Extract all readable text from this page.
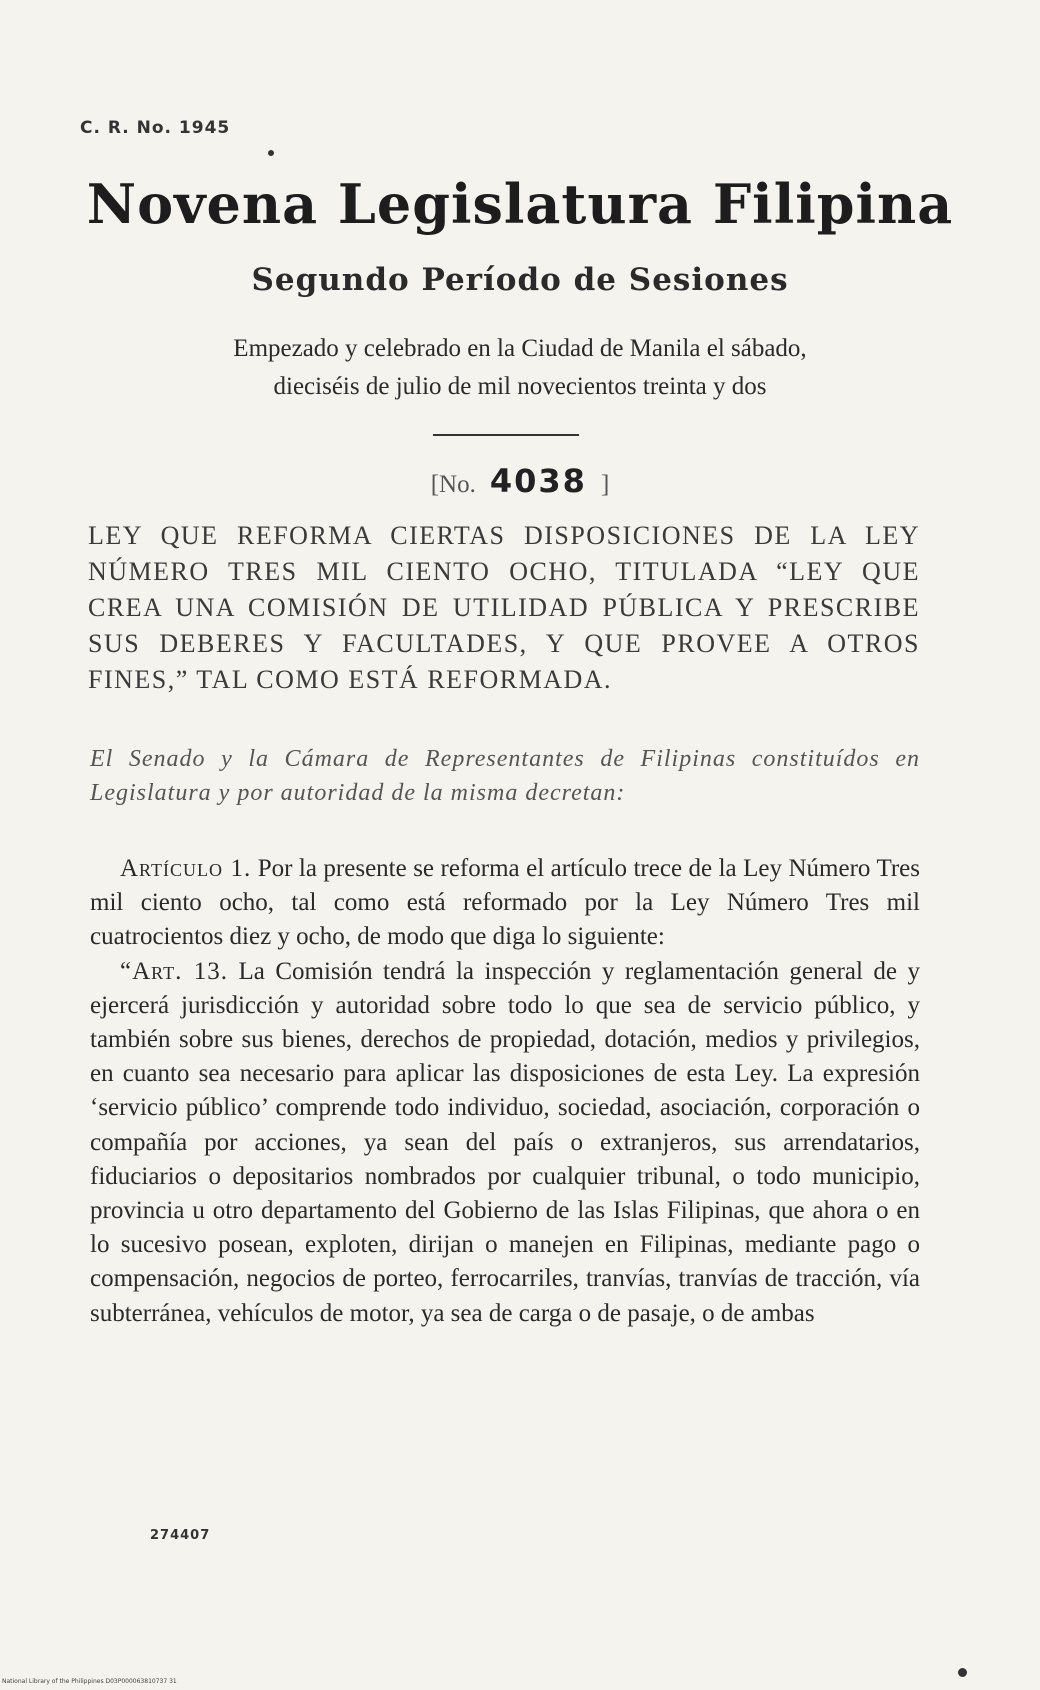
C. R. No. 1945
Novena Legislatura Filipina
Segundo Período de Sesiones
Empezado y celebrado en la Ciudad de Manila el sábado,
dieciséis de julio de mil novecientos treinta y dos
[No. 4038 ]
LEY QUE REFORMA CIERTAS DISPOSICIONES DE LA LEY NÚMERO TRES MIL CIENTO OCHO, TITULADA “LEY QUE CREA UNA COMISIÓN DE UTILIDAD PÚBLICA Y PRESCRIBE SUS DEBERES Y FACULTADES, Y QUE PROVEE A OTROS FINES,” TAL COMO ESTÁ REFORMADA.
El Senado y la Cámara de Representantes de Filipinas constituídos en Legislatura y por autoridad de la misma decretan:

Artículo 1. Por la presente se reforma el artículo trece de la Ley Número Tres mil ciento ocho, tal como está reformado por la Ley Número Tres mil cuatrocientos diez y ocho, de modo que diga lo siguiente:

“Art. 13. La Comisión tendrá la inspección y reglamentación general de y ejercerá jurisdicción y autoridad sobre todo lo que sea de servicio público, y también sobre sus bienes, derechos de propiedad, dotación, medios y privilegios, en cuanto sea necesario para aplicar las disposiciones de esta Ley. La expresión ‘servicio público’ comprende todo individuo, sociedad, asociación, corporación o compañía por acciones, ya sean del país o extranjeros, sus arrendatarios, fiduciarios o depositarios nombrados por cualquier tribunal, o todo municipio, provincia u otro departamento del Gobierno de las Islas Filipinas, que ahora o en lo sucesivo posean, exploten, dirijan o manejen en Filipinas, mediante pago o compensación, negocios de porteo, ferrocarriles, tranvías, tranvías de tracción, vía subterránea, vehículos de motor, ya sea de carga o de pasaje, o de ambas

274407
National Library of the Philippines D03P000063810737 31
